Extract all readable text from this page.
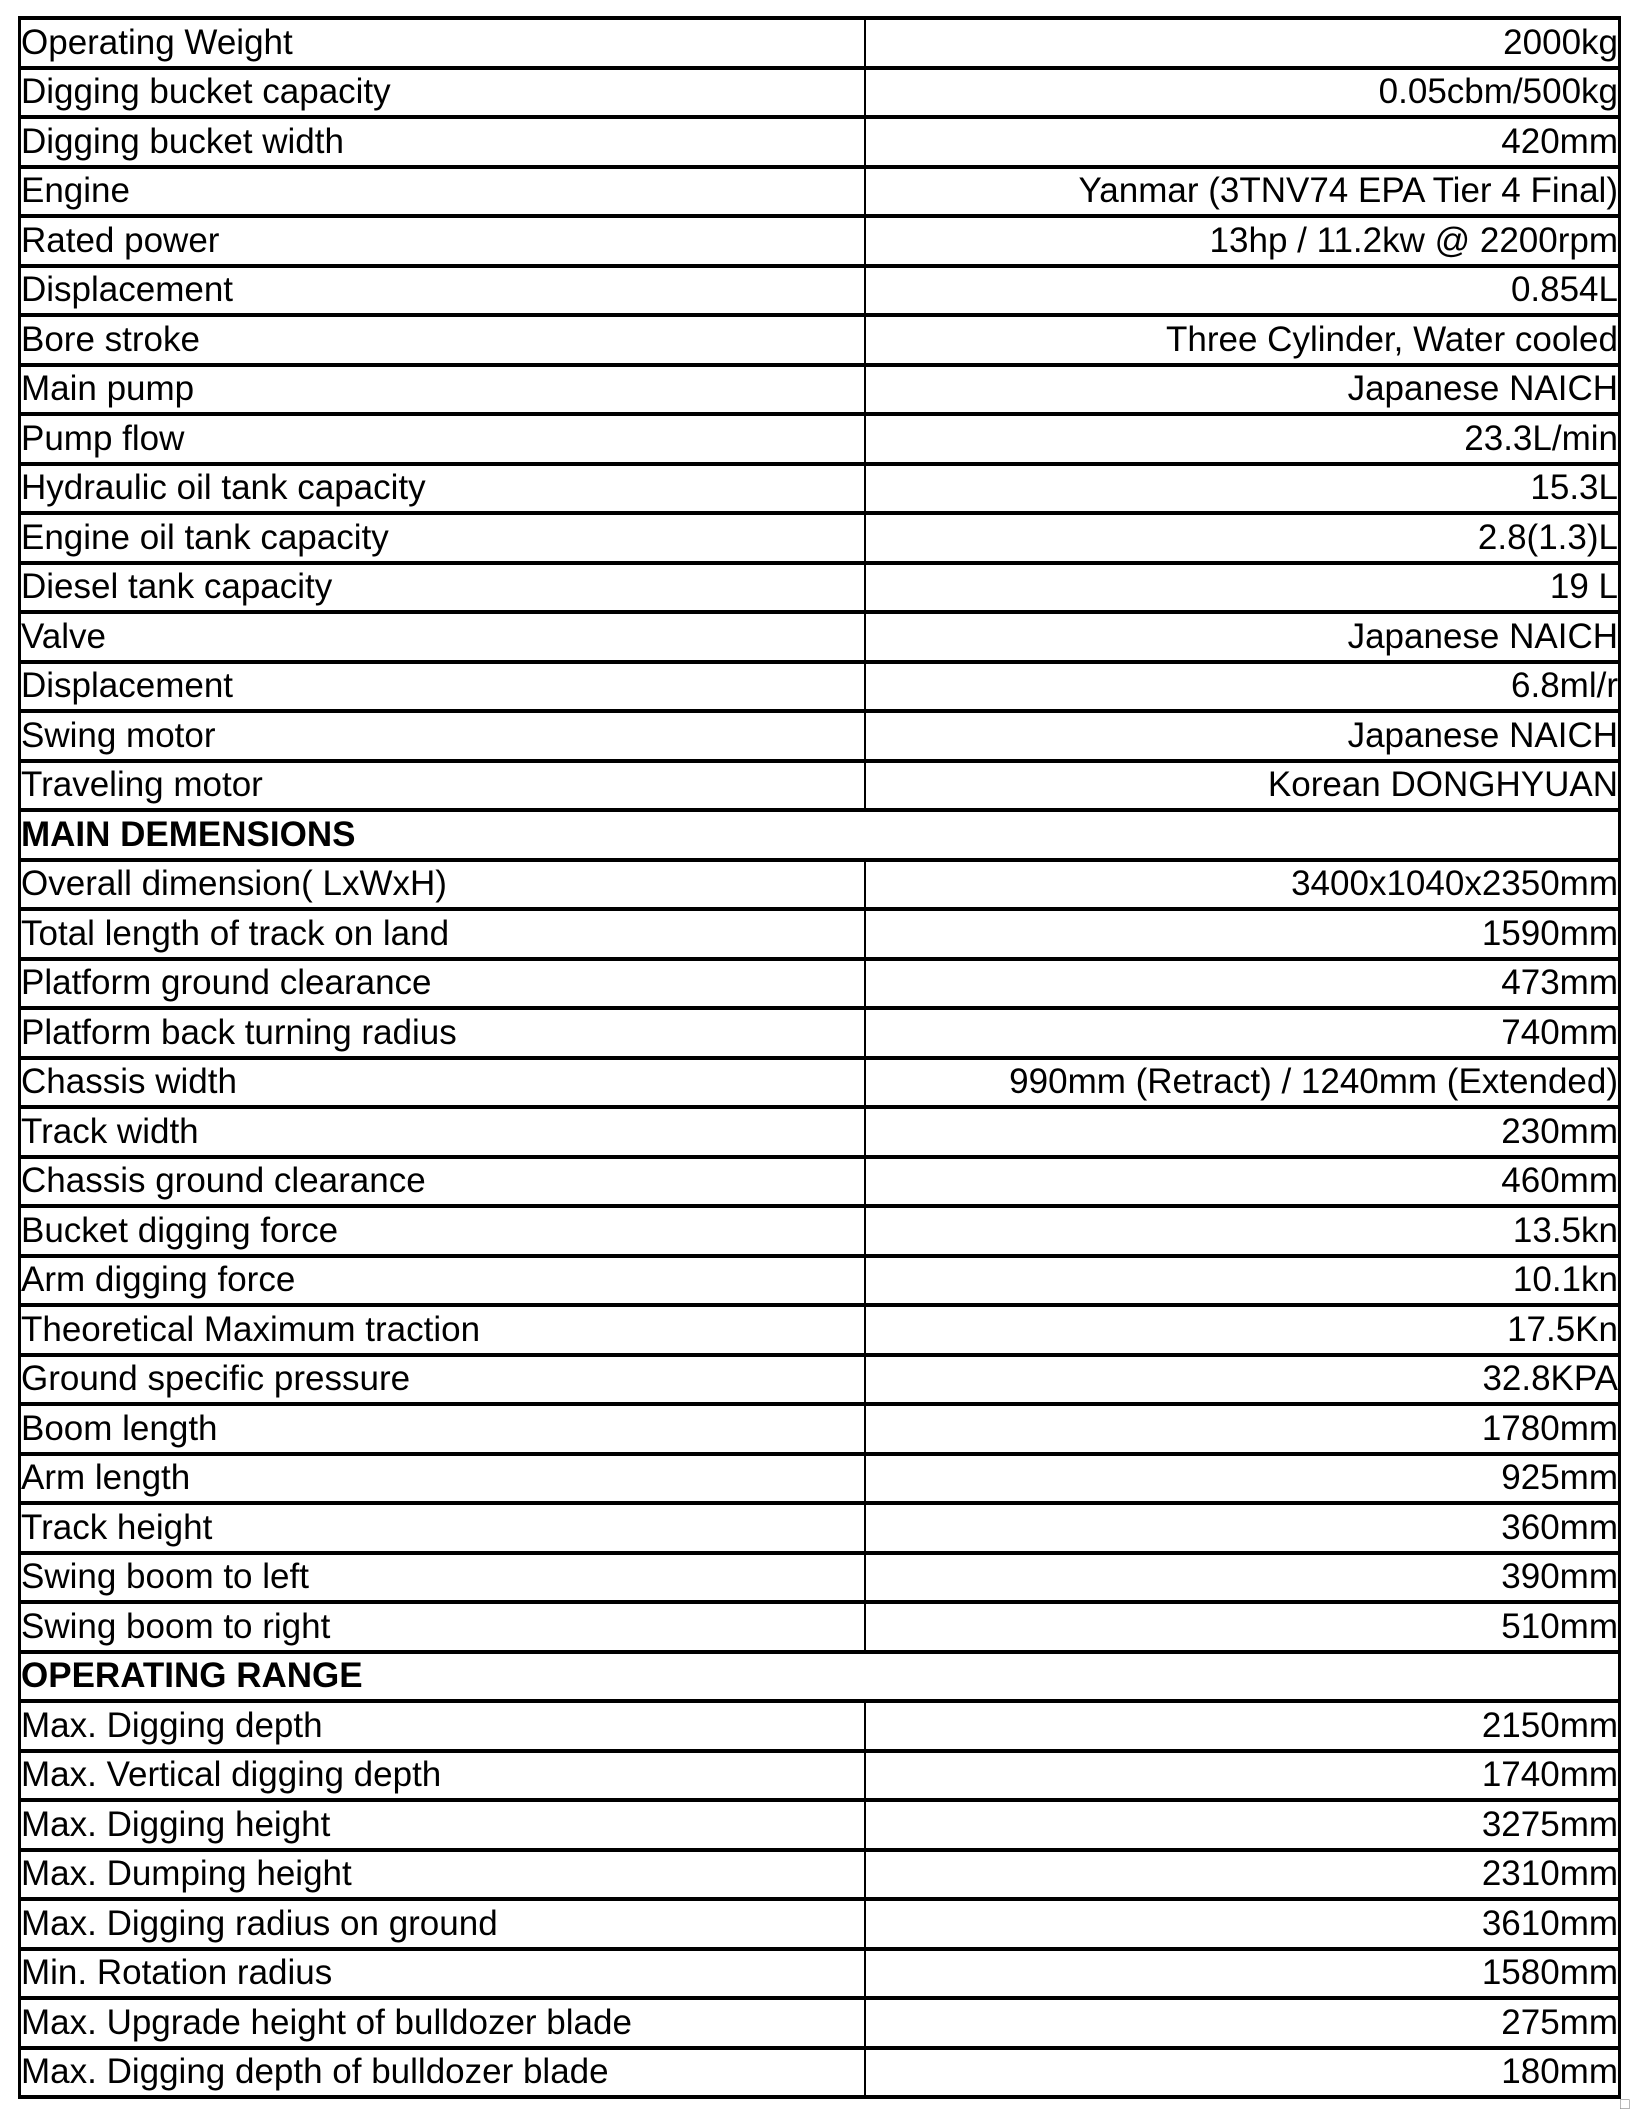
Operating Weight	2000kg
Digging bucket capacity	0.05cbm/500kg
Digging bucket width	420mm
Engine	Yanmar (3TNV74 EPA Tier 4 Final)
Rated power	13hp / 11.2kw @ 2200rpm
Displacement	0.854L
Bore stroke	Three Cylinder, Water cooled
Main pump	Japanese NAICH
Pump flow	23.3L/min
Hydraulic oil tank capacity	15.3L
Engine oil tank capacity	2.8(1.3)L
Diesel tank capacity	19 L
Valve	Japanese NAICH
Displacement	6.8ml/r
Swing motor	Japanese NAICH
Traveling motor	Korean DONGHYUAN
MAIN DEMENSIONS	
Overall dimension( LxWxH)	3400x1040x2350mm
Total length of track on land	1590mm
Platform ground clearance	473mm
Platform back turning radius	740mm
Chassis width	990mm (Retract) / 1240mm (Extended)
Track width	230mm
Chassis ground clearance	460mm
Bucket digging force	13.5kn
Arm digging force	10.1kn
Theoretical Maximum traction	17.5Kn
Ground specific pressure	32.8KPA
Boom length	1780mm
Arm length	925mm
Track height	360mm
Swing boom to left	390mm
Swing boom to right	510mm
OPERATING RANGE	
Max. Digging depth	2150mm
Max. Vertical digging depth	1740mm
Max. Digging height	3275mm
Max. Dumping height	2310mm
Max. Digging radius on ground	3610mm
Min. Rotation radius	1580mm
Max. Upgrade height of bulldozer blade	275mm
Max. Digging depth of bulldozer blade	180mm
□
